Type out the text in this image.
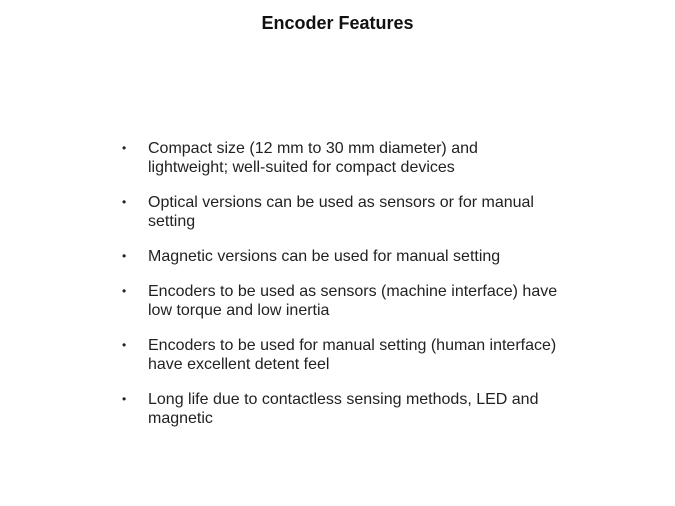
Encoder Features
•	Compact size (12 mm to 30 mm diameter) and lightweight; well-suited for compact devices
•	Optical versions can be used as sensors or for manual setting
•	Magnetic versions can be used for manual setting
•	Encoders to be used as sensors (machine interface) have low torque and low inertia
•	Encoders to be used for manual setting (human interface) have excellent detent feel
•	Long life due to contactless sensing methods, LED and magnetic
